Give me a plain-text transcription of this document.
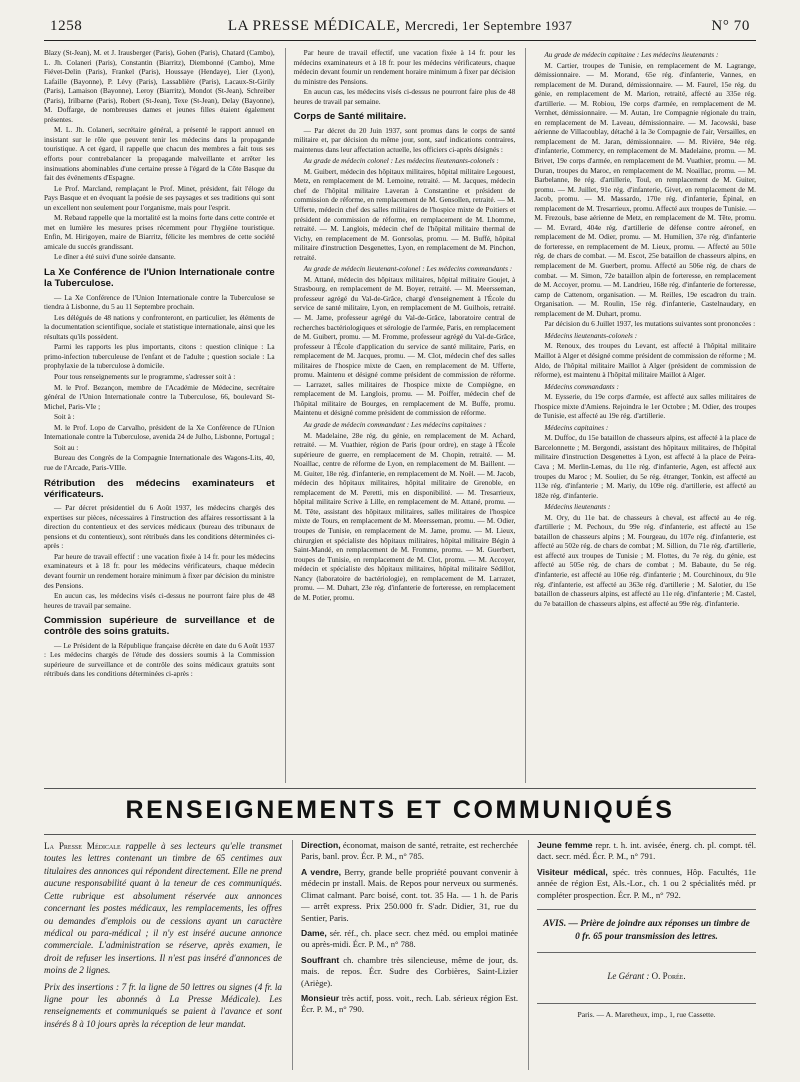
1258	LA PRESSE MÉDICALE, Mercredi, 1er Septembre 1937	N° 70

Blazy (St-Jean), M. et J. Irausberger (Paris), Gohen (Paris), Chatard (Cambo), L. Jh. Colaneri (Paris), Constantin (Biarritz), Diembonné (Cambo), Mme Fiévet-Delin (Paris), Frankel (Paris), Houssaye (Hendaye), Lier (Lyon), Lafaille (Bayonne), P. Lévy (Paris), Lassablière (Paris), Lacaux-St-Girily (Paris), Lamaison (Bayonne), Leroy (Biarritz), Mondot (St-Jean), Schreiber (Paris), Irilbarne (Paris), Robert (St-Jean), Texe (St-Jean), Delay (Bayonne), M. Doffarge, de nombreuses dames et jeunes filles étaient également présentes.

M. L. Jh. Colaneri, secrétaire général, a présenté le rapport annuel en insistant sur le rôle que peuvent tenir les médecins dans la propagande touristique. A cet égard, il rappelle que chacun des membres a fait tous ses efforts pour contrebalancer la propagande malveillante et arrêter les insinuations abominables d'une certaine presse à l'égard de la Côte Basque du fait des événements d'Espagne.

Le Prof. Marcland, remplaçant le Prof. Minet, président, fait l'éloge du Pays Basque et en évoquant la poésie de ses paysages et ses traditions qui sont un excellent non seulement pour l'organisme, mais pour l'esprit.

M. Rebaud rappelle que la mortalité est la moins forte dans cette contrée et met en lumière les mesures prises récemment pour l'hygiène touristique. Enfin, M. Hirigoyen, maire de Biarritz, félicite les membres de cette société amicale du succès grandissant.

Le dîner a été suivi d'une soirée dansante.

La Xe Conférence de l'Union Internationale contre la Tuberculose.

— La Xe Conférence de l'Union Internationale contre la Tuberculose se tiendra à Lisbonne, du 5 au 11 Septembre prochain.

Les délégués de 48 nations y confronteront, en particulier, les éléments de la documentation scientifique, sociale et statistique internationale, ainsi que les résultats qu'ils possèdent.

Parmi les rapports les plus importants, citons : question clinique : La primo-infection tuberculeuse de l'enfant et de l'adulte ; question sociale : La prophylaxie de la tuberculose à domicile.

Pour tous renseignements sur le programme, s'adresser soit à :

M. le Prof. Bezançon, membre de l'Académie de Médecine, secrétaire général de l'Union Internationale contre la Tuberculose, 66, boulevard St-Michel, Paris-VIe ;

Soit à :

M. le Prof. Lopo de Carvalho, président de la Xe Conférence de l'Union Internationale contre la Tuberculose, avenida 24 de Julho, Lisbonne, Portugal ;

Soit au :

Bureau des Congrès de la Compagnie Internationale des Wagons-Lits, 40, rue de l'Arcade, Paris-VIIIe.

Rétribution des médecins examinateurs et vérificateurs.

— Par décret présidentiel du 6 Août 1937, les médecins chargés des expertises sur pièces, nécessaires à l'instruction des affaires ressortissant à la direction du contentieux et des services médicaux (bureau des tribunaux de pensions et du contentieux), sont rétribués dans les conditions déterminées ci-après :

Par heure de travail effectif : une vacation fixée à 14 fr. pour les médecins examinateurs et à 18 fr. pour les médecins vérificateurs, chaque médecin devant fournir un rendement horaire minimum à fixer par décision du ministre des Pensions.

En aucun cas, les médecins visés ci-dessus ne pourront faire plus de 48 heures de travail par semaine.

Commission supérieure de surveillance et de contrôle des soins gratuits.

— Le Président de la République française décrète en date du 6 Août 1937 : Les médecins chargés de l'étude des dossiers soumis à la Commission supérieure de surveillance et de contrôle des soins médicaux gratuits sont rétribués dans les conditions déterminées ci-après :

Par heure de travail effectif, une vacation fixée à 14 fr. pour les médecins examinateurs et à 18 fr. pour les médecins vérificateurs, chaque médecin devant fournir un rendement horaire minimum à fixer par décision du ministre des Pensions.

En aucun cas, les médecins visés ci-dessus ne pourront faire plus de 48 heures de travail par semaine.

Corps de Santé militaire.

— Par décret du 20 Juin 1937, sont promus dans le corps de santé militaire et, par décision du même jour, sont, sauf indications contraires, maintenus dans leur affectation actuelle, les officiers ci-après désignés :

Au grade de médecin colonel : Les médecins lieutenants-colonels :

M. Guibert, médecin des hôpitaux militaires, hôpital militaire Legouest, Metz, en remplacement de M. Lemoine, retraité. — M. Jacques, médecin chef de l'hôpital militaire Laveran à Constantine et président de commission de réforme, en remplacement de M. Gensollen, retraité. — M. Ufferte, médecin chef des salles militaires de l'hospice mixte de Poitiers et président de commission de réforme, en remplacement de M. Lhomme, retraité. — M. Langlois, médecin chef de l'hôpital militaire thermal de Vichy, en remplacement de M. Gonrsolas, promu. — M. Buffé, hôpital militaire d'instruction Desgenettes, Lyon, en remplacement de M. Pinchon, retraité.

Au grade de médecin lieutenant-colonel : Les médecins commandants :

M. Attané, médecin des hôpitaux militaires, hôpital militaire Goujet, à Strasbourg, en remplacement de M. Boyer, retraité. — M. Meersseman, professeur agrégé du Val-de-Grâce, chargé d'enseignement à l'École du service de santé militaire, Lyon, en remplacement de M. Guilhois, retraité. — M. Jame, professeur agrégé du Val-de-Grâce, laboratoire central de recherches bactériologiques et sérologie de l'armée, Paris, en remplacement de M. Guibert, promu. — M. Fromme, professeur agrégé du Val-de-Grâce, professeur à l'École d'application du service de santé militaire, Paris, en remplacement de M. Jacques, promu. — M. Clot, médecin chef des salles militaires de l'hospice mixte de Caen, en remplacement de M. Ufferte, promu. Maintenu et désigné comme président de commission de réforme. — Larrazet, salles militaires de l'hospice mixte de Compiègne, en remplacement de M. Langlois, promu. — M. Poiffer, médecin chef de l'hôpital militaire de Bourges, en remplacement de M. Buffe, promu. Maintenu et désigné comme président de commission de réforme.

Au grade de médecin commandant : Les médecins capitaines :

M. Madelaine, 28e rég. du génie, en remplacement de M. Achard, retraité. — M. Vuathier, région de Paris (pour ordre), en stage à l'École supérieure de guerre, en remplacement de M. Chopin, retraité. — M. Noaillac, centre de réforme de Lyon, en remplacement de M. Baillent. — M. Guiter, 18e rég. d'infanterie, en remplacement de M. Noël. — M. Jacob, médecin des hôpitaux militaires, hôpital militaire de Grenoble, en remplacement de M. Peretti, mis en disponibilité. — M. Tresarrieux, hôpital militaire Scrive à Lille, en remplacement de M. Attané, promu. — M. Tête, assistant des hôpitaux militaires, salles militaires de l'hospice mixte de Tours, en remplacement de M. Meersseman, promu. — M. Odier, troupes de Tunisie, en remplacement de M. Jame, promu. — M. Lieux, chirurgien et spécialiste des hôpitaux militaires, hôpital militaire Bégin à Saint-Mandé, en remplacement de M. Fromme, promu. — M. Guerbert, troupes de Tunisie, en remplacement de M. Clot, promu. — M. Accoyer, médecin et spécialiste des hôpitaux militaires, hôpital militaire Sédillot, Nancy (laboratoire de bactériologie), en remplacement de M. Larrazet, promu. — M. Duhart, 23e rég. d'infanterie de forteresse, en remplacement de M. Potier, promu.

Au grade de médecin capitaine : Les médecins lieutenants :

M. Cartier, troupes de Tunisie, en remplacement de M. Lagrange, démissionnaire. — M. Morand, 65e rég. d'infanterie, Vannes, en remplacement de M. Durand, démissionnaire. — M. Faurel, 15e rég. du génie, en remplacement de M. Marion, retraité, affecté au 335e rég. d'artillerie. — M. Robiou, 19e corps d'armée, en remplacement de M. Vernhet, démissionnaire. — M. Autan, 1re Compagnie régionale du train, en remplacement de M. Laveau, démissionnaire. — M. Jacowski, base aérienne de Villacoublay, détaché à la 3e Compagnie de l'air, Versailles, en remplacement de M. Jaran, démissionnaire. — M. Rivière, 94e rég. d'infanterie, Commercy, en remplacement de M. Madelaine, promu. — M. Brivet, 19e corps d'armée, en remplacement de M. Vuathier, promu. — M. Duran, troupes du Maroc, en remplacement de M. Noaillac, promu. — M. Barbelanne, 8e rég. d'artillerie, Toul, en remplacement de M. Guiter, promu. — M. Juillet, 91e rég. d'infanterie, Givet, en remplacement de M. Jacob, promu. — M. Massardo, 170e rég. d'infanterie, Épinal, en remplacement de M. Tresarrieux, promu. Affecté aux troupes de Tunisie. — M. Frezouls, base aérienne de Metz, en remplacement de M. Tête, promu. — M. Evrard, 404e rég. d'artillerie de défense contre aéronef, en remplacement de M. Odier, promu. — M. Humilien, 37e rég. d'infanterie de forteresse, en remplacement de M. Lieux, promu. — Affecté au 501e rég. de chars de combat. — M. Escot, 25e bataillon de chasseurs alpins, en remplacement de M. Guerbert, promu. Affecté au 506e rég. de chars de combat. — M. Simon, 72e bataillon alpin de forteresse, en remplacement de M. Accoyer, promu. — M. Landrieu, 168e rég. d'infanterie de forteresse, camp de Cattenom, organisation. — M. Reilles, 19e escadron du train. Organisation. — M. Roulin, 15e rég. d'infanterie, Castelnaudary, en remplacement de M. Duhart, promu.

Par décision du 6 Juillet 1937, les mutations suivantes sont prononcées :

Médecins lieutenants-colonels :

M. Renoux, des troupes du Levant, est affecté à l'hôpital militaire Maillot à Alger et désigné comme président de commission de réforme ; M. Aldo, de l'hôpital militaire Maillot à Alger (président de commission de réforme), est maintenu à l'hôpital militaire Maillot à Alger.

Médecins commandants :

M. Eysserie, du 19e corps d'armée, est affecté aux salles militaires de l'hospice mixte d'Amiens. Rejoindra le 1er Octobre ; M. Odier, des troupes de Tunisie, est affecté au 19e rég. d'artillerie.

Médecins capitaines :

M. Duffoc, du 15e bataillon de chasseurs alpins, est affecté à la place de Barcelonnette ; M. Bergondi, assistant des hôpitaux militaires, de l'hôpital militaire d'instruction Desgenettes à Lyon, est affecté à la place de Peira-Cava ; M. Merlin-Lemas, du 11e rég. d'infanterie, Agen, est affecté aux troupes du Maroc ; M. Soulier, du 5e rég. étranger, Tonkin, est affecté au 113e rég. d'infanterie ; M. Mariy, du 109e rég. d'artillerie, est affecté au 182e rég. d'infanterie.

Médecins lieutenants :

M. Ory, du 11e bat. de chasseurs à cheval, est affecté au 4e rég. d'artillerie ; M. Pechoux, du 99e rég. d'infanterie, est affecté au 15e bataillon de chasseurs alpins ; M. Fourgeau, du 107e rég. d'infanterie, est affecté au 502e rég. de chars de combat ; M. Sillion, du 71e rég. d'artillerie, est affecté aux troupes de Tunisie ; M. Flottes, du 7e rég. du génie, est affecté au 505e rég. de chars de combat ; M. Babaute, du 5e rég. d'infanterie, est affecté au 106e rég. d'infanterie ; M. Courchinoux, du 91e rég. d'infanterie, est affecté au 363e rég. d'artillerie ; M. Salotier, du 15e bataillon de chasseurs alpins, est affecté au 11e rég. d'infanterie ; M. Castel, du 7e bataillon de chasseurs alpins, est affecté au 99e rég. d'infanterie.

RENSEIGNEMENTS ET COMMUNIQUÉS

La Presse Médicale rappelle à ses lecteurs qu'elle transmet toutes les lettres contenant un timbre de 65 centimes aux titulaires des annonces qui répondent directement. Elle ne prend aucune responsabilité quant à la teneur de ces communiqués. Cette rubrique est absolument réservée aux annonces concernant les postes médicaux, les remplacements, les offres ou demandes d'emplois ou de cessions ayant un caractère médical ou para-médical ; il n'y est inséré aucune annonce commerciale. L'administration se réserve, après examen, le droit de refuser les insertions. Il n'est pas inséré d'annonces de moins de 2 lignes.

Prix des insertions : 7 fr. la ligne de 50 lettres ou signes (4 fr. la ligne pour les abonnés à La Presse Médicale). Les renseignements et communiqués se paient à l'avance et sont insérés 8 à 10 jours après la réception de leur mandat.

Direction, économat, maison de santé, retraite, est recherchée Paris, banl. prov. Écr. P. M., n° 785.

A vendre, Berry, grande belle propriété pouvant convenir à médecin pr install. Mais. de Repos pour nerveux ou surmenés. Climat calmant. Parc boisé, cont. tot. 35 Ha. — 1 h. de Paris — arrêt express. Prix 250.000 fr. S'adr. Didier, 31, rue du Sentier, Paris.

Dame, sér. réf., ch. place secr. chez méd. ou emploi matinée ou après-midi. Écr. P. M., n° 788.

Souffrant ch. chambre très silencieuse, même de jour, ds. mais. de repos. Écr. Sudre des Corbières, Saint-Lizier (Ariège).

Monsieur très actif, poss. voit., rech. Lab. sérieux région Est. Écr. P. M., n° 790.

Jeune femme repr. t. h. int. avisée, énerg. ch. pl. compt. tél. dact. secr. méd. Écr. P. M., n° 791.

Visiteur médical, spéc. très connues, Hôp. Facultés, 11e année de région Est, Als.-Lor., ch. 1 ou 2 spécialités méd. pr compléter prospection. Écr. P. M., n° 792.

AVIS. — Prière de joindre aux réponses un timbre de 0 fr. 65 pour transmission des lettres.
Le Gérant : O. Porée.
Paris. — A. Maretheux, imp., 1, rue Cassette.
